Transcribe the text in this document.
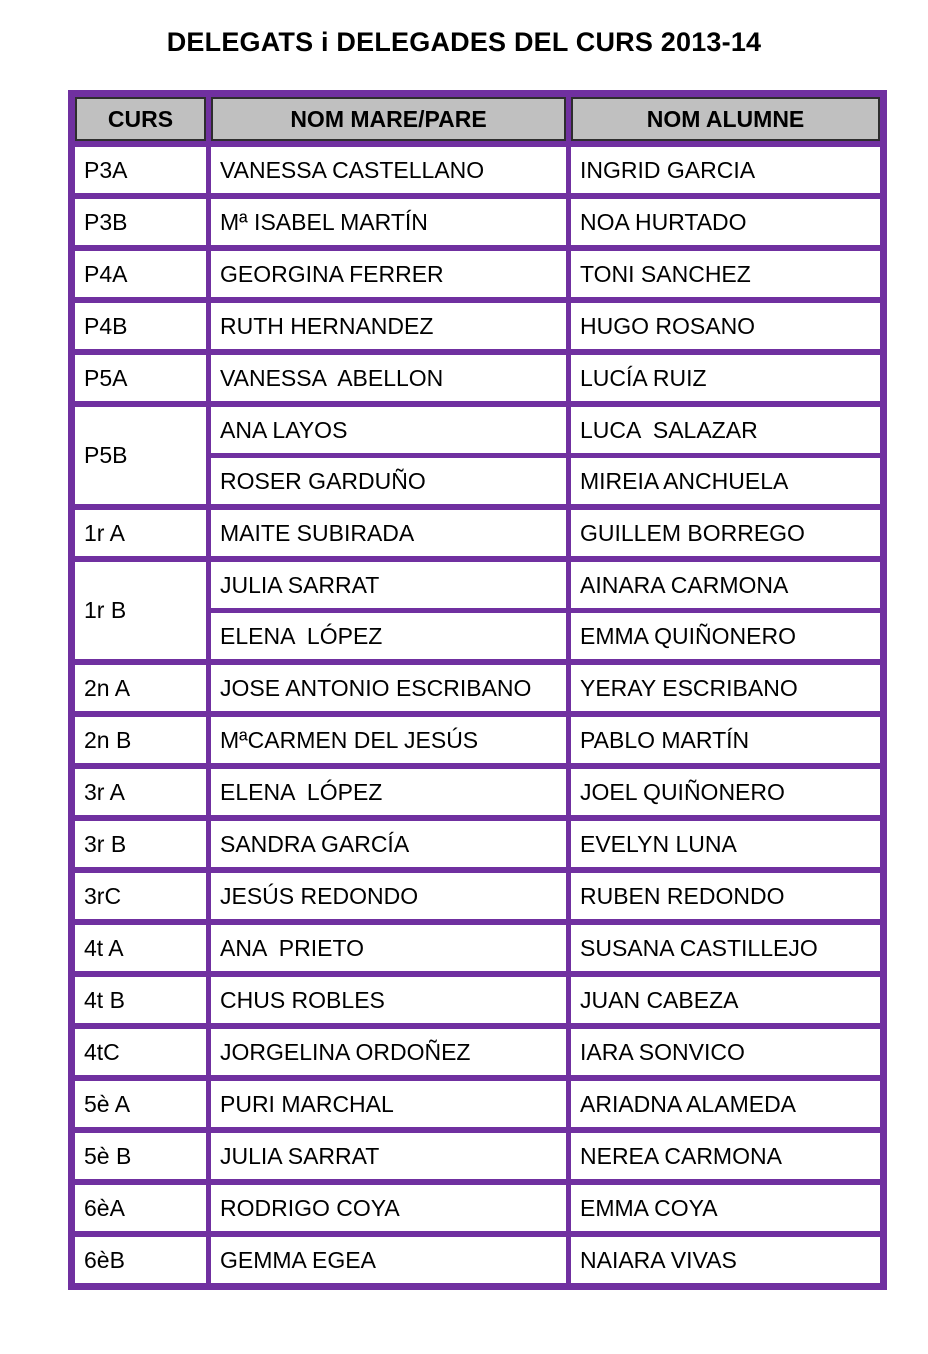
DELEGATS i DELEGADES DEL CURS 2013-14
CURS	NOM MARE/PARE	NOM ALUMNE
P3A	VANESSA CASTELLANO	INGRID GARCIA
P3B	Mª ISABEL MARTÍN	NOA HURTADO
P4A	GEORGINA FERRER	TONI SANCHEZ
P4B	RUTH HERNANDEZ	HUGO ROSANO
P5A	VANESSA  ABELLON	LUCÍA RUIZ
P5B	ANA LAYOS	LUCA  SALAZAR
	ROSER GARDUÑO	MIREIA ANCHUELA
1r A	MAITE SUBIRADA	GUILLEM BORREGO
1r B	JULIA SARRAT	AINARA CARMONA
	ELENA  LÓPEZ	EMMA QUIÑONERO
2n A	JOSE ANTONIO ESCRIBANO	YERAY ESCRIBANO
2n B	MªCARMEN DEL JESÚS	PABLO MARTÍN
3r A	ELENA  LÓPEZ	JOEL QUIÑONERO
3r B	SANDRA GARCÍA	EVELYN LUNA
3rC	JESÚS REDONDO	RUBEN REDONDO
4t A	ANA  PRIETO	SUSANA CASTILLEJO
4t B	CHUS ROBLES	JUAN CABEZA
4tC	JORGELINA ORDOÑEZ	IARA SONVICO
5è A	PURI MARCHAL	ARIADNA ALAMEDA
5è B	JULIA SARRAT	NEREA CARMONA
6èA	RODRIGO COYA	EMMA COYA
6èB	GEMMA EGEA	NAIARA VIVAS
